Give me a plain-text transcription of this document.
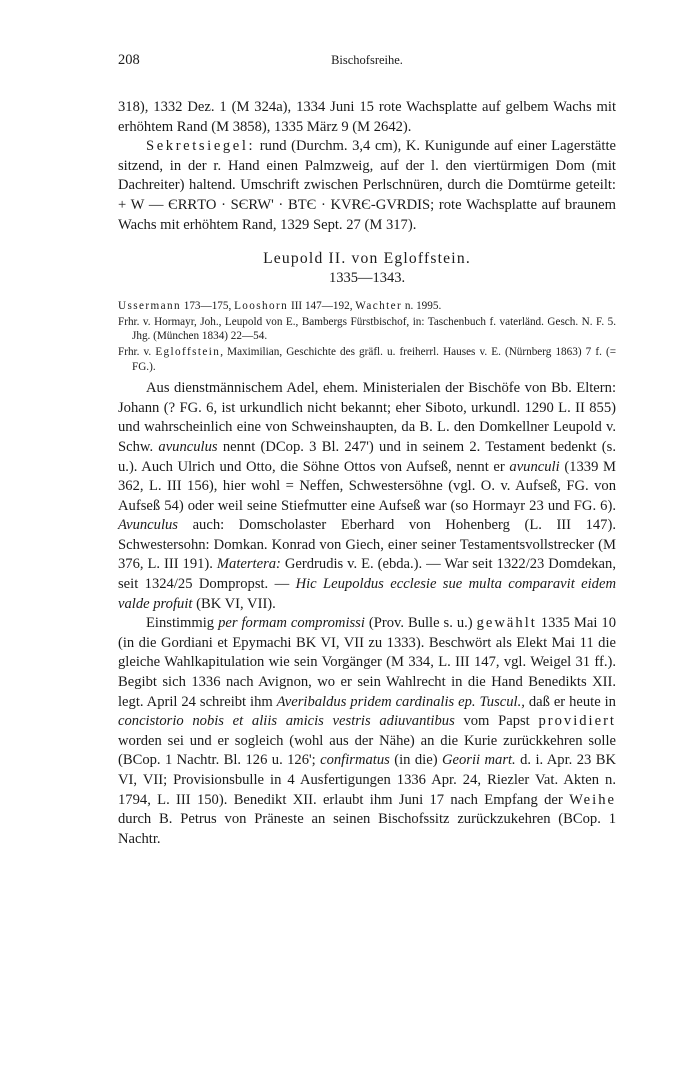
208	Bischofsreihe.

318), 1332 Dez. 1 (M 324a), 1334 Juni 15 rote Wachsplatte auf gelbem Wachs mit erhöhtem Rand (M 3858), 1335 März 9 (M 2642).

Sekretsiegel: rund (Durchm. 3,4 cm), K. Kunigunde auf einer Lagerstätte sitzend, in der r. Hand einen Palmzweig, auf der l. den viertürmigen Dom (mit Dachreiter) haltend. Umschrift zwischen Perlschnüren, durch die Domtürme geteilt: + W — ЄRɌTO · SЄRW' · BTЄ · KVɌЄ-GVɌDIS; rote Wachsplatte auf braunem Wachs mit erhöhtem Rand, 1329 Sept. 27 (M 317).

Leupold II. von Egloffstein.
1335—1343.
Ussermann 173—175, Looshorn III 147—192, Wachter n. 1995.
Frhr. v. Hormayr, Joh., Leupold von E., Bambergs Fürstbischof, in: Taschenbuch f. vaterländ. Gesch. N. F. 5. Jhg. (München 1834) 22—54.
Frhr. v. Egloffstein, Maximilian, Geschichte des gräfl. u. freiherrl. Hauses v. E. (Nürnberg 1863) 7 f. (= FG.).

Aus dienstmännischem Adel, ehem. Ministerialen der Bischöfe von Bb. Eltern: Johann (? FG. 6, ist urkundlich nicht bekannt; eher Siboto, urkundl. 1290 L. II 855) und wahrscheinlich eine von Schweinshaupten, da B. L. den Domkellner Leupold v. Schw. avunculus nennt (DCop. 3 Bl. 247') und in seinem 2. Testament bedenkt (s. u.). Auch Ulrich und Otto, die Söhne Ottos von Aufseß, nennt er avunculi (1339 M 362, L. III 156), hier wohl = Neffen, Schwestersöhne (vgl. O. v. Aufseß, FG. von Aufseß 54) oder weil seine Stiefmutter eine Aufseß war (so Hormayr 23 und FG. 6). Avunculus auch: Domscholaster Eberhard von Hohenberg (L. III 147). Schwestersohn: Domkan. Konrad von Giech, einer seiner Testamentsvollstrecker (M 376, L. III 191). Matertera: Gerdrudis v. E. (ebda.). — War seit 1322/23 Domdekan, seit 1324/25 Dompropst. — Hic Leupoldus ecclesie sue multa comparavit eidem valde profuit (BK VI, VII).

Einstimmig per formam compromissi (Prov. Bulle s. u.) gewählt 1335 Mai 10 (in die Gordiani et Epymachi BK VI, VII zu 1333). Beschwört als Elekt Mai 11 die gleiche Wahlkapitulation wie sein Vorgänger (M 334, L. III 147, vgl. Weigel 31 ff.). Begibt sich 1336 nach Avignon, wo er sein Wahlrecht in die Hand Benedikts XII. legt. April 24 schreibt ihm Averibaldus pridem cardinalis ep. Tuscul., daß er heute in concistorio nobis et aliis amicis vestris adiuvantibus vom Papst providiert worden sei und er sogleich (wohl aus der Nähe) an die Kurie zurückkehren solle (BCop. 1 Nachtr. Bl. 126 u. 126'; confirmatus (in die) Georii mart. d. i. Apr. 23 BK VI, VII; Provisionsbulle in 4 Ausfertigungen 1336 Apr. 24, Riezler Vat. Akten n. 1794, L. III 150). Benedikt XII. erlaubt ihm Juni 17 nach Empfang der Weihe durch B. Petrus von Präneste an seinen Bischofssitz zurückzukehren (BCop. 1 Nachtr.
